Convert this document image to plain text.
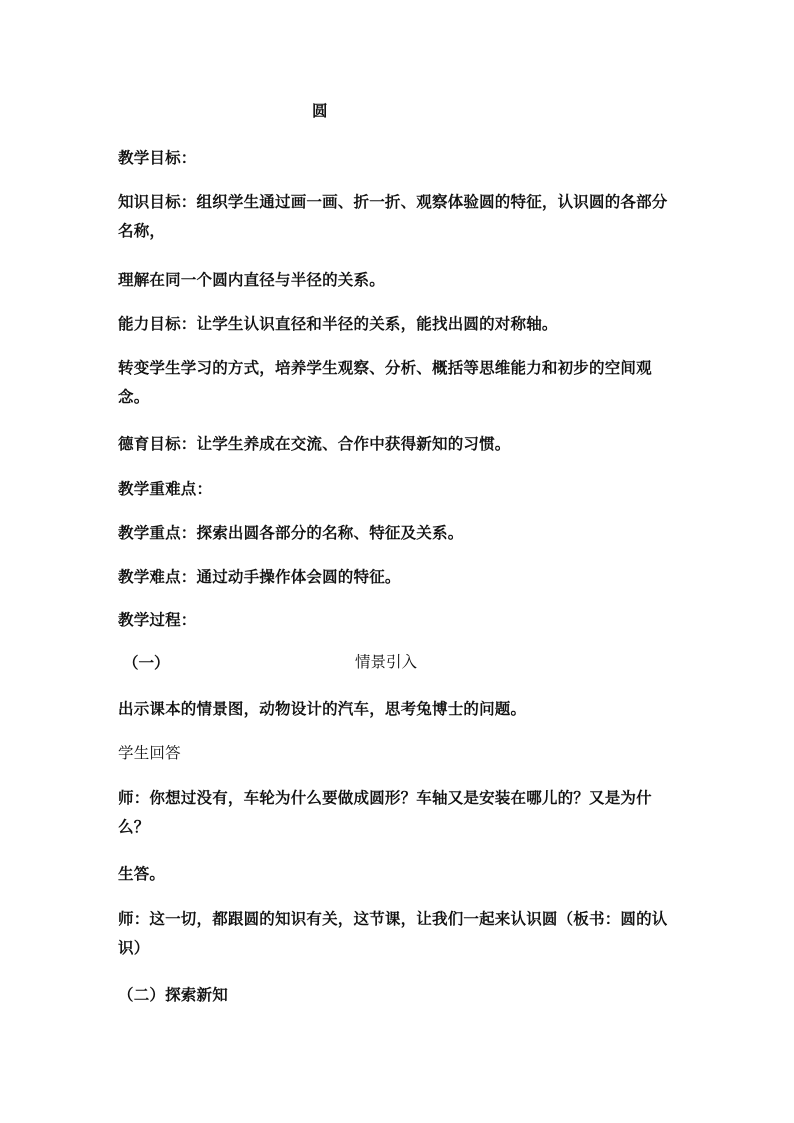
圆
教学目标：
知识目标：组织学生通过画一画、折一折、观察体验圆的特征，认识圆的各部分名称，
理解在同一个圆内直径与半径的关系。
能力目标：让学生认识直径和半径的关系，能找出圆的对称轴。
转变学生学习的方式，培养学生观察、分析、概括等思维能力和初步的空间观念。
德育目标：让学生养成在交流、合作中获得新知的习惯。
教学重难点：
教学重点：探索出圆各部分的名称、特征及关系。
教学难点：通过动手操作体会圆的特征。
教学过程：
（一）	情景引入
出示课本的情景图，动物设计的汽车，思考兔博士的问题。
学生回答
师：你想过没有，车轮为什么要做成圆形？车轴又是安装在哪儿的？又是为什么？
生答。
师：这一切，都跟圆的知识有关，这节课，让我们一起来认识圆（板书：圆的认识）
（二）探索新知
